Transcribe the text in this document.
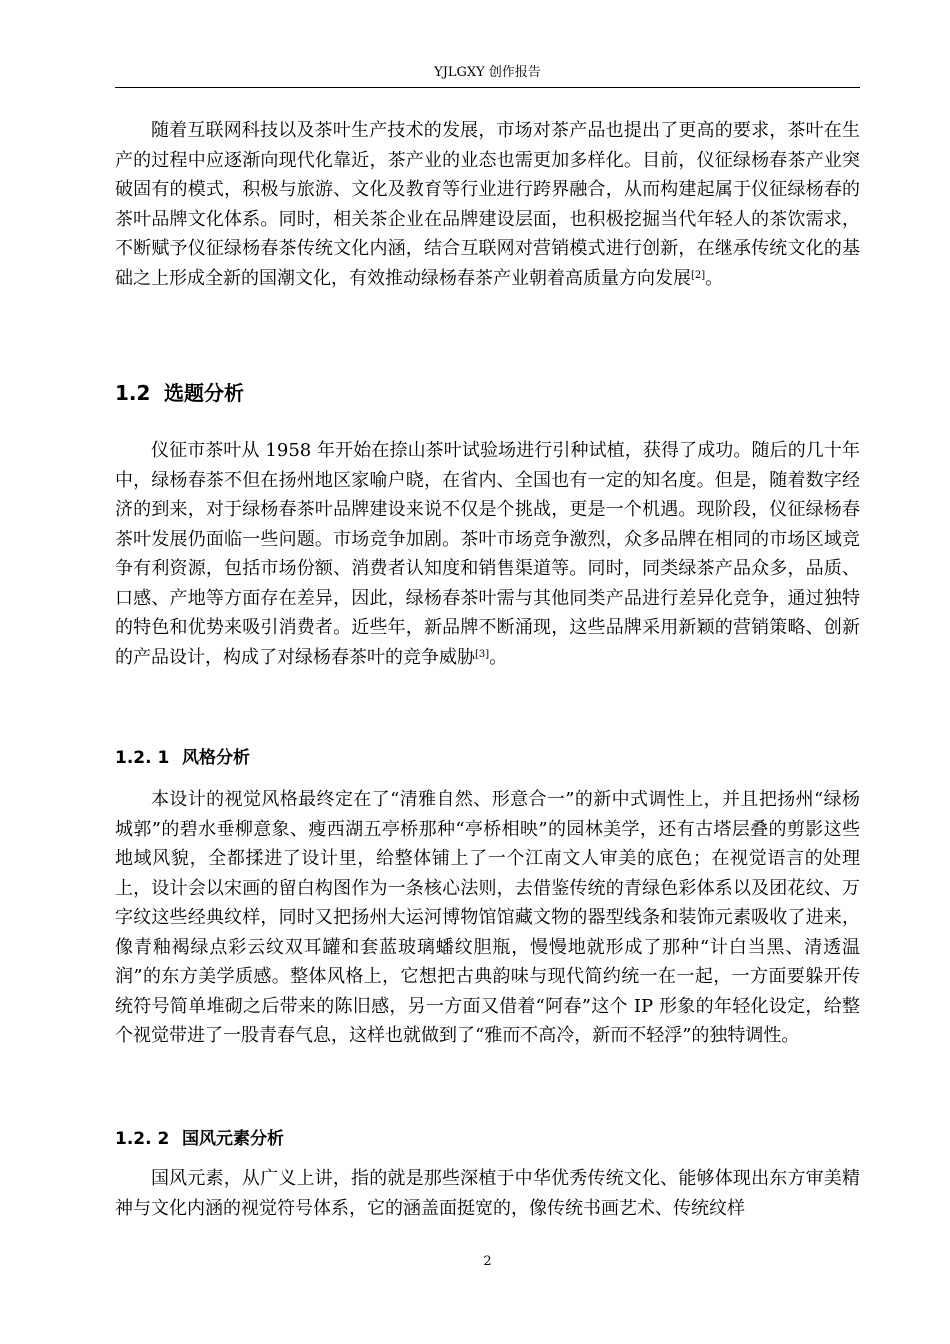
YJLGXY 创作报告

随着互联网科技以及茶叶生产技术的发展，市场对茶产品也提出了更高的要求，茶叶在生产的过程中应逐渐向现代化靠近，茶产业的业态也需更加多样化。目前，仪征绿杨春茶产业突破固有的模式，积极与旅游、文化及教育等行业进行跨界融合，从而构建起属于仪征绿杨春的茶叶品牌文化体系。同时，相关茶企业在品牌建设层面，也积极挖掘当代年轻人的茶饮需求，不断赋予仪征绿杨春茶传统文化内涵，结合互联网对营销模式进行创新，在继承传统文化的基础之上形成全新的国潮文化，有效推动绿杨春茶产业朝着高质量方向发展[2]。

1.2 选题分析

仪征市茶叶从 1958 年开始在捺山茶叶试验场进行引种试植，获得了成功。随后的几十年中，绿杨春茶不但在扬州地区家喻户晓，在省内、全国也有一定的知名度。但是，随着数字经济的到来，对于绿杨春茶叶品牌建设来说不仅是个挑战，更是一个机遇。现阶段，仪征绿杨春茶叶发展仍面临一些问题。市场竞争加剧。茶叶市场竞争激烈，众多品牌在相同的市场区域竞争有利资源，包括市场份额、消费者认知度和销售渠道等。同时，同类绿茶产品众多，品质、口感、产地等方面存在差异，因此，绿杨春茶叶需与其他同类产品进行差异化竞争，通过独特的特色和优势来吸引消费者。近些年，新品牌不断涌现，这些品牌采用新颖的营销策略、创新的产品设计，构成了对绿杨春茶叶的竞争威胁[3]。

1.2. 1 风格分析

本设计的视觉风格最终定在了“清雅自然、形意合一”的新中式调性上，并且把扬州“绿杨城郭”的碧水垂柳意象、瘦西湖五亭桥那种“亭桥相映”的园林美学，还有古塔层叠的剪影这些地域风貌，全都揉进了设计里，给整体铺上了一个江南文人审美的底色；在视觉语言的处理上，设计会以宋画的留白构图作为一条核心法则，去借鉴传统的青绿色彩体系以及团花纹、万字纹这些经典纹样，同时又把扬州大运河博物馆馆藏文物的器型线条和装饰元素吸收了进来，像青釉褐绿点彩云纹双耳罐和套蓝玻璃蟠纹胆瓶，慢慢地就形成了那种“计白当黑、清透温润”的东方美学质感。整体风格上，它想把古典韵味与现代简约统一在一起，一方面要躲开传统符号简单堆砌之后带来的陈旧感，另一方面又借着“阿春”这个 IP 形象的年轻化设定，给整个视觉带进了一股青春气息，这样也就做到了“雅而不高冷，新而不轻浮”的独特调性。

1.2. 2 国风元素分析

国风元素，从广义上讲，指的就是那些深植于中华优秀传统文化、能够体现出东方审美精神与文化内涵的视觉符号体系，它的涵盖面挺宽的，像传统书画艺术、传统纹样

2
